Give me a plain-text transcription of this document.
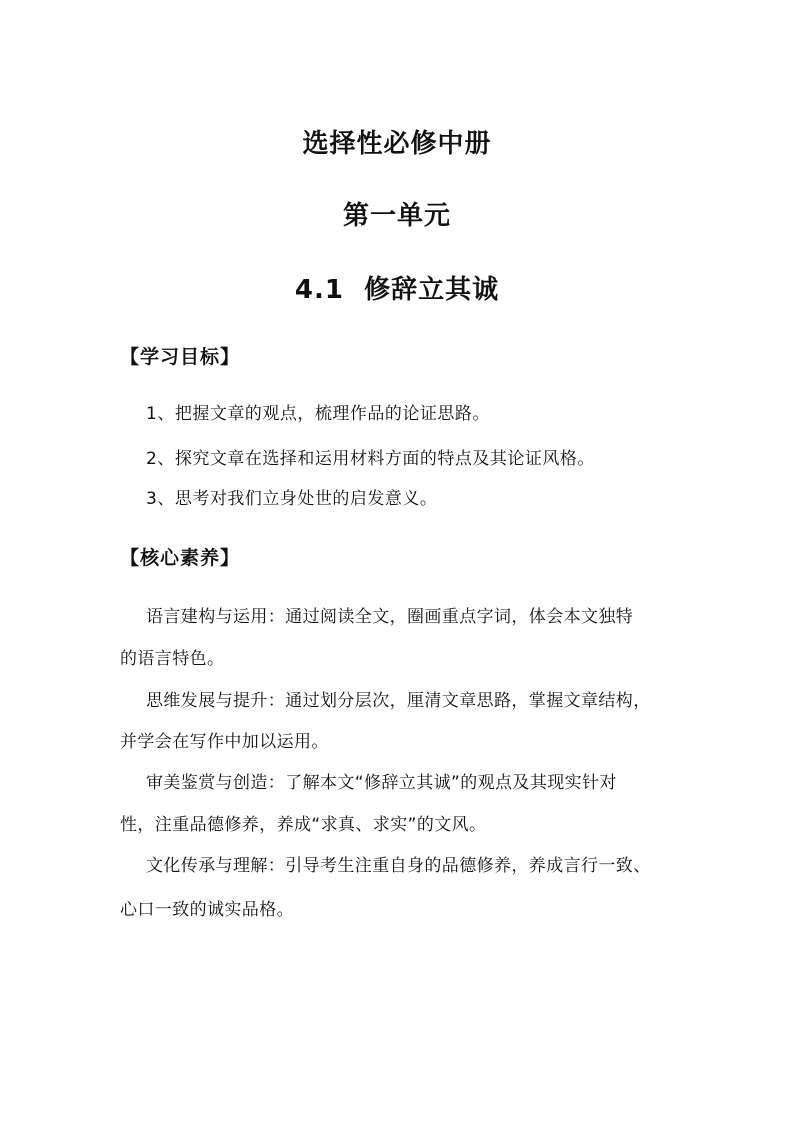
选择性必修中册
第一单元
4.1  修辞立其诚
【学习目标】
1、把握文章的观点，梳理作品的论证思路。
2、探究文章在选择和运用材料方面的特点及其论证风格。
3、思考对我们立身处世的启发意义。
【核心素养】
语言建构与运用：通过阅读全文，圈画重点字词，体会本文独特
的语言特色。
思维发展与提升：通过划分层次，厘清文章思路，掌握文章结构，
并学会在写作中加以运用。
审美鉴赏与创造：了解本文“修辞立其诚”的观点及其现实针对
性，注重品德修养，养成“求真、求实”的文风。
文化传承与理解：引导考生注重自身的品德修养，养成言行一致、
心口一致的诚实品格。
